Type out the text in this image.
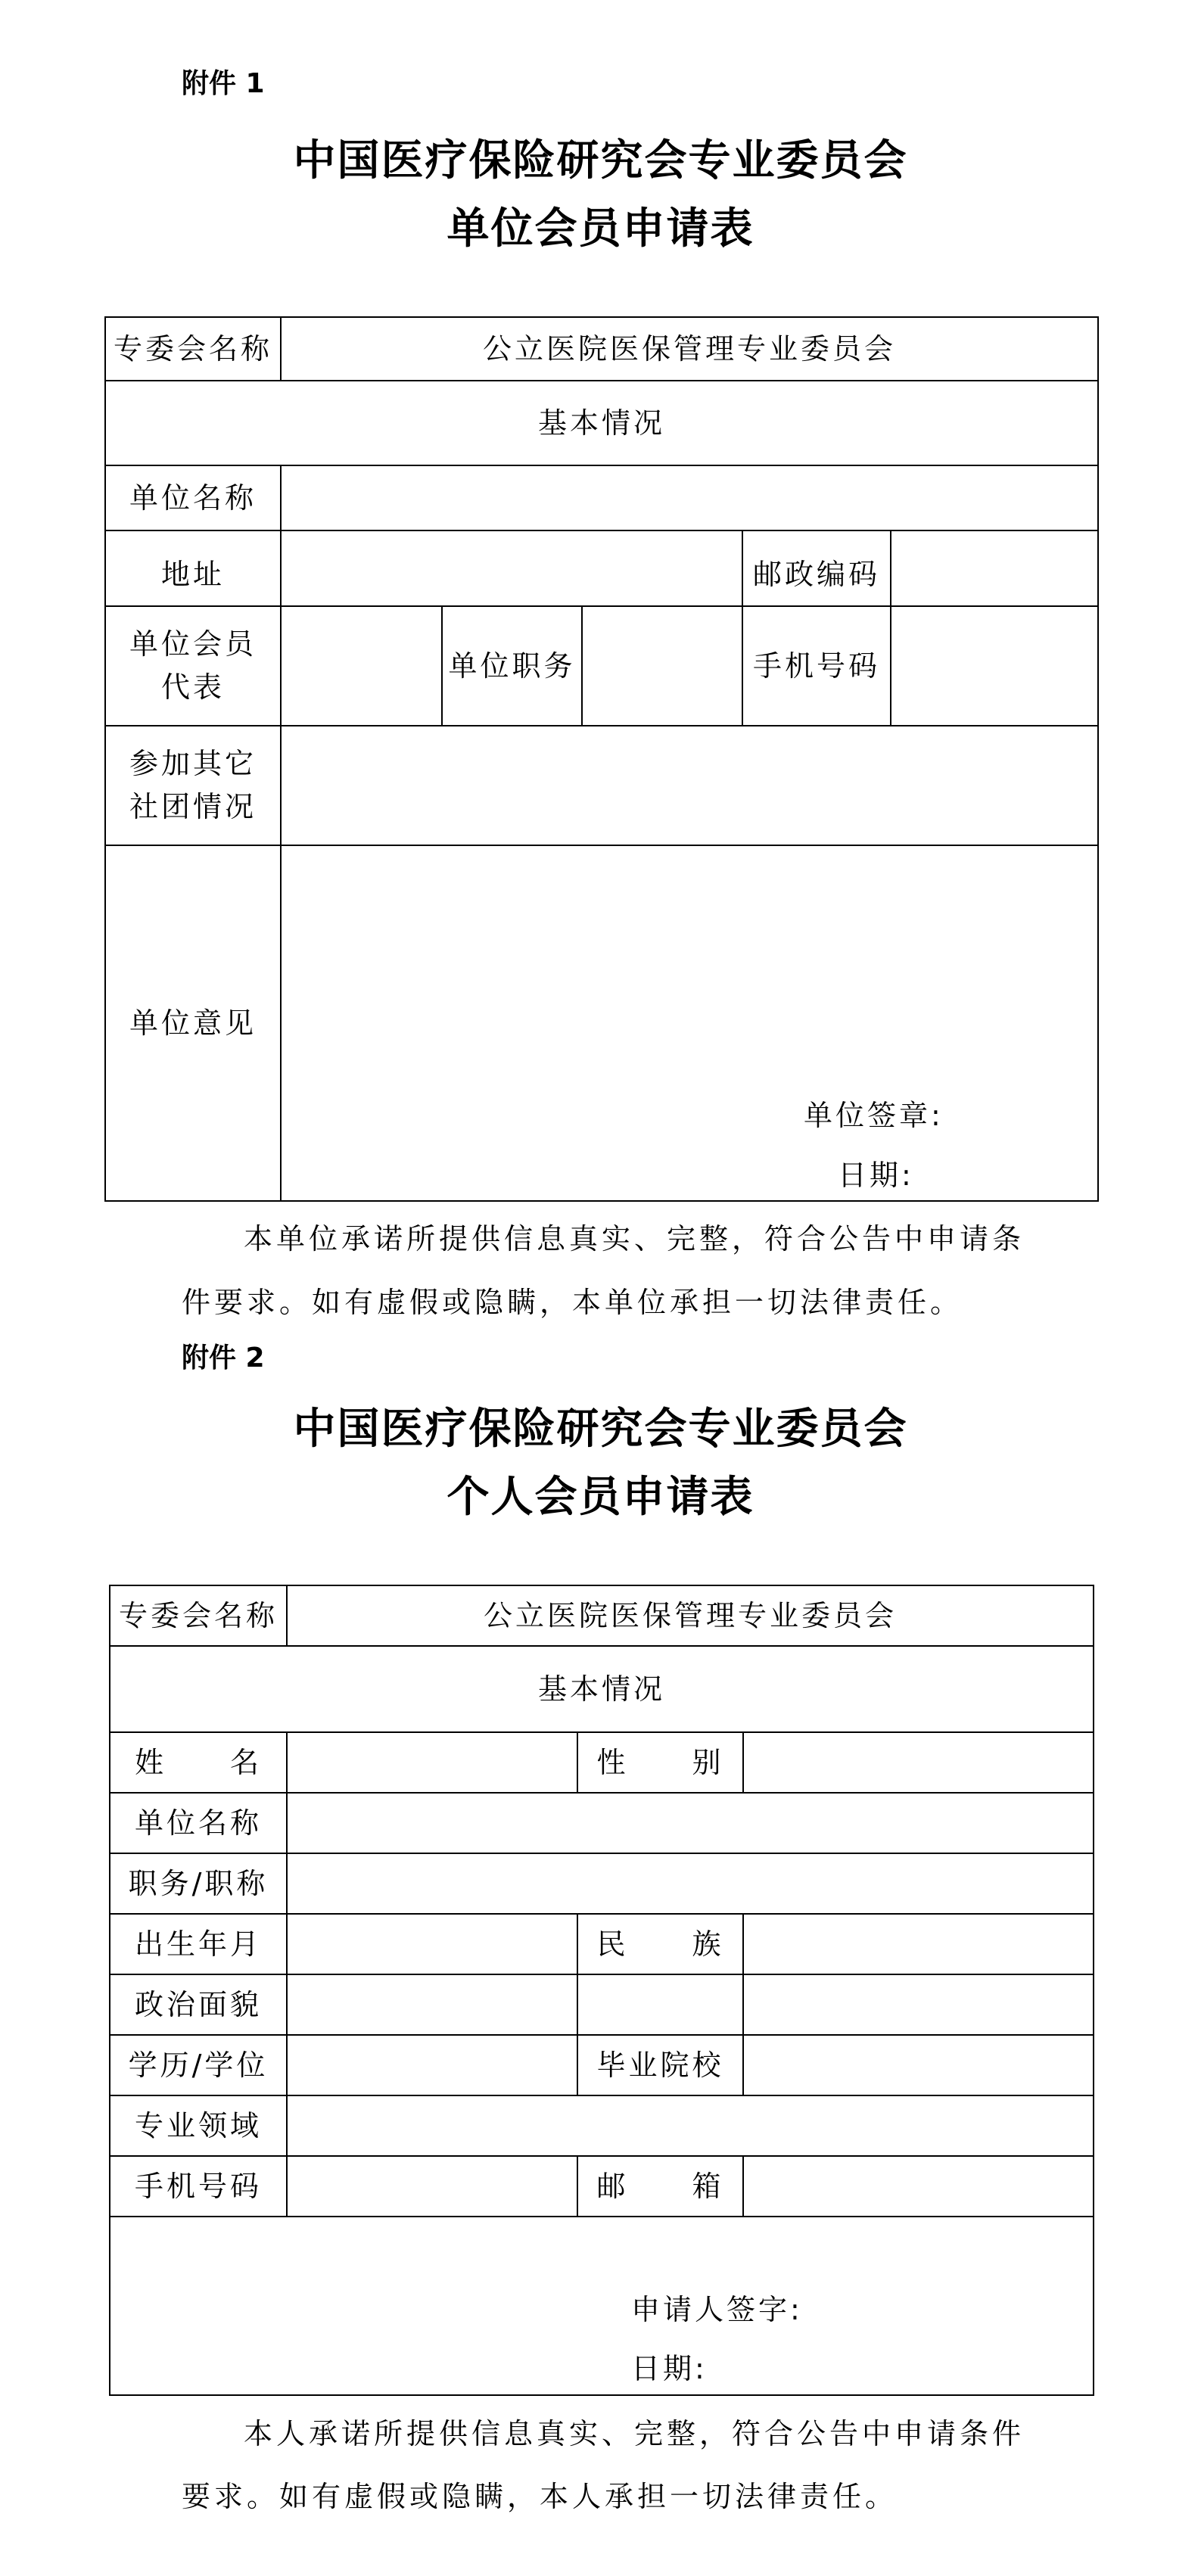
附件 1
中国医疗保险研究会专业委员会
单位会员申请表
专委会名称	公立医院医保管理专业委员会				
基本情况					
单位名称					
地址				邮政编码	

单位会员
代表		单位职务		手机号码	

参加其它
社团情况					

单位意见	单位签章:
日期:				
本单位承诺所提供信息真实、完整，符合公告中申请条
件要求。如有虚假或隐瞒，本单位承担一切法律责任。
附件 2
中国医疗保险研究会专业委员会
个人会员申请表
专委会名称	公立医院医保管理专业委员会		
基本情况			
姓　　名		性　　别	
单位名称			
职务/职称			
出生年月		民　　族	
政治面貌			
学历/学位		毕业院校	
专业领域			
手机号码		邮　　箱	

申请人签字:
日期:			
本人承诺所提供信息真实、完整，符合公告中申请条件
要求。如有虚假或隐瞒，本人承担一切法律责任。
